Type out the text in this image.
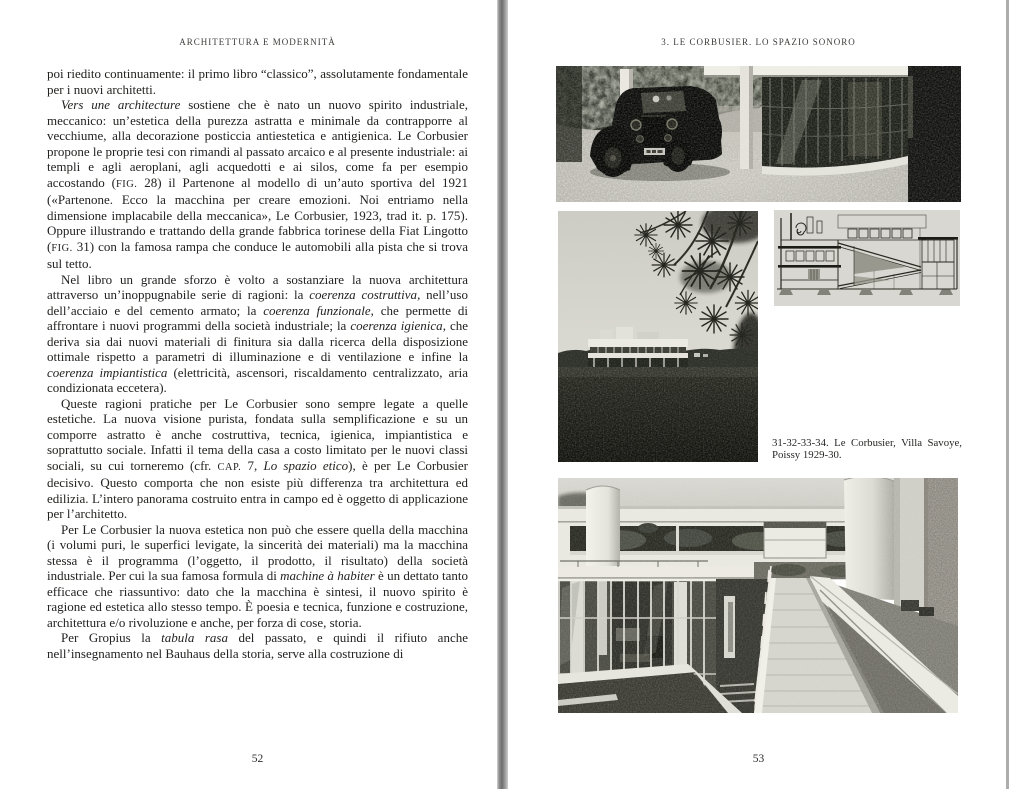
ARCHITETTURA E MODERNITÀ

poi riedito continuamente: il primo libro “classico”, assolutamente fondamentale per i nuovi architetti.

Vers une architecture sostiene che è nato un nuovo spirito industriale, meccanico: un’estetica della purezza astratta e minimale da contrapporre al vecchiume, alla decorazione posticcia antiestetica e antigienica. Le Corbusier propone le proprie tesi con rimandi al passato arcaico e al presente industriale: ai templi e agli aeroplani, agli acquedotti e ai silos, come fa per esempio accostando (FIG. 28) il Partenone al modello di un’auto sportiva del 1921 («Partenone. Ecco la macchina per creare emozioni. Noi entriamo nella dimensione implacabile della meccanica», Le Corbusier, 1923, trad it. p. 175). Oppure illustrando e trattando della grande fabbrica torinese della Fiat Lingotto (FIG. 31) con la famosa rampa che conduce le automobili alla pista che si trova sul tetto.

Nel libro un grande sforzo è volto a sostanziare la nuova architettura attraverso un’inoppugnabile serie di ragioni: la coerenza costruttiva, nell’uso dell’acciaio e del cemento armato; la coerenza funzionale, che permette di affrontare i nuovi programmi della società industriale; la coerenza igienica, che deriva sia dai nuovi materiali di finitura sia dalla ricerca della disposizione ottimale rispetto a parametri di illuminazione e di ventilazione e infine la coerenza impiantistica (elettricità, ascensori, riscaldamento centralizzato, aria condizionata eccetera).

Queste ragioni pratiche per Le Corbusier sono sempre legate a quelle estetiche. La nuova visione purista, fondata sulla semplificazione e su un comporre astratto è anche costruttiva, tecnica, igienica, impiantistica e soprattutto sociale. Infatti il tema della casa a costo limitato per le nuovi classi sociali, su cui torneremo (cfr. CAP. 7, Lo spazio etico), è per Le Corbusier decisivo. Questo comporta che non esiste più differenza tra architettura ed edilizia. L’intero panorama costruito entra in campo ed è oggetto di applicazione per l’architetto.

Per Le Corbusier la nuova estetica non può che essere quella della macchina (i volumi puri, le superfici levigate, la sincerità dei materiali) ma la macchina stessa è il programma (l’oggetto, il prodotto, il risultato) della società industriale. Per cui la sua famosa formula di machine à habiter è un dettato tanto efficace che riassuntivo: dato che la macchina è sintesi, il nuovo spirito è ragione ed estetica allo stesso tempo. È poesia e tecnica, funzione e costruzione, architettura e/o rivoluzione e anche, per forza di cose, storia.

Per Gropius la tabula rasa del passato, e quindi il rifiuto anche nell’insegnamento nel Bauhaus della storia, serve alla costruzione di

52
3. LE CORBUSIER. LO SPAZIO SONORO
31-32-33-34. Le Corbusier, Villa Savoye, Poissy 1929-30.
53
